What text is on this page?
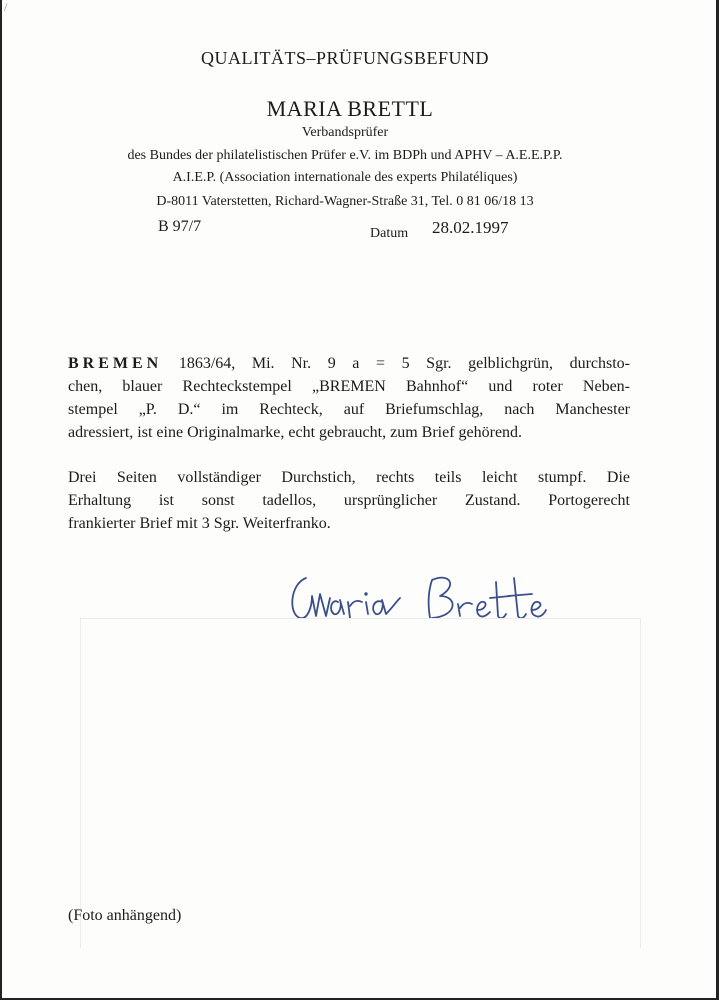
/
QUALITÄTS–PRÜFUNGSBEFUND
MARIA BRETTL
Verbandsprüfer
des Bundes der philatelistischen Prüfer e.V. im BDPh und APHV – A.E.E.P.P.
A.I.E.P. (Association internationale des experts Philatéliques)
D-8011 Vaterstetten, Richard-Wagner-Straße 31, Tel. 0 81 06/18 13
B 97/7	Datum 28.02.1997
BREMEN 1863/64, Mi. Nr. 9 a = 5 Sgr. gelblichgrün, durchsto-
chen, blauer Rechteckstempel „BREMEN Bahnhof“ und roter Neben-
stempel „P. D.“ im Rechteck, auf Briefumschlag, nach Manchester
adressiert, ist eine Originalmarke, echt gebraucht, zum Brief gehörend.
Drei Seiten vollständiger Durchstich, rechts teils leicht stumpf. Die
Erhaltung ist sonst tadellos, ursprünglicher Zustand. Portogerecht
frankierter Brief mit 3 Sgr. Weiterfranko.
(Foto anhängend)
